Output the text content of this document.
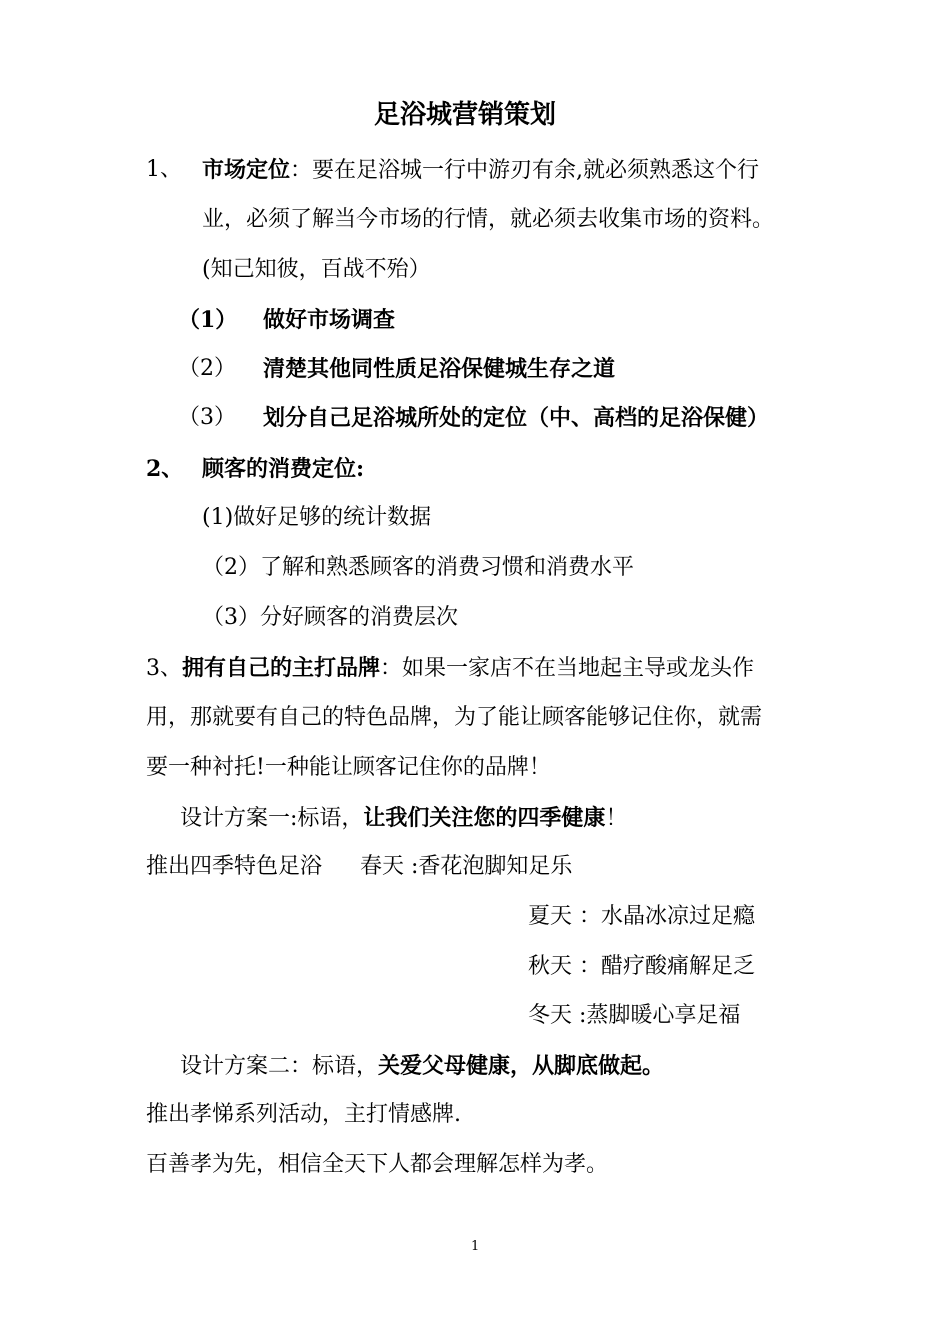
足浴城营销策划
1、 市场定位：要在足浴城一行中游刃有余,就必须熟悉这个行
业，必须了解当今市场的行情，就必须去收集市场的资料。
(知己知彼，百战不殆）
（1） 做好市场调查
（2） 清楚其他同性质足浴保健城生存之道
（3） 划分自己足浴城所处的定位（中、高档的足浴保健）
2、 顾客的消费定位:
(1)做好足够的统计数据
（2）了解和熟悉顾客的消费习惯和消费水平
（3）分好顾客的消费层次
3、拥有自己的主打品牌：如果一家店不在当地起主导或龙头作
用，那就要有自己的特色品牌，为了能让顾客能够记住你，就需
要一种衬托!一种能让顾客记住你的品牌！
设计方案一:标语，让我们关注您的四季健康！
推出四季特色足浴 春天 :香花泡脚知足乐
夏天 ：水晶冰凉过足瘾
秋天 ：醋疗酸痛解足乏
冬天 :蒸脚暖心享足福
设计方案二：标语，关爱父母健康，从脚底做起。
推出孝悌系列活动，主打情感牌.
百善孝为先，相信全天下人都会理解怎样为孝。
1
